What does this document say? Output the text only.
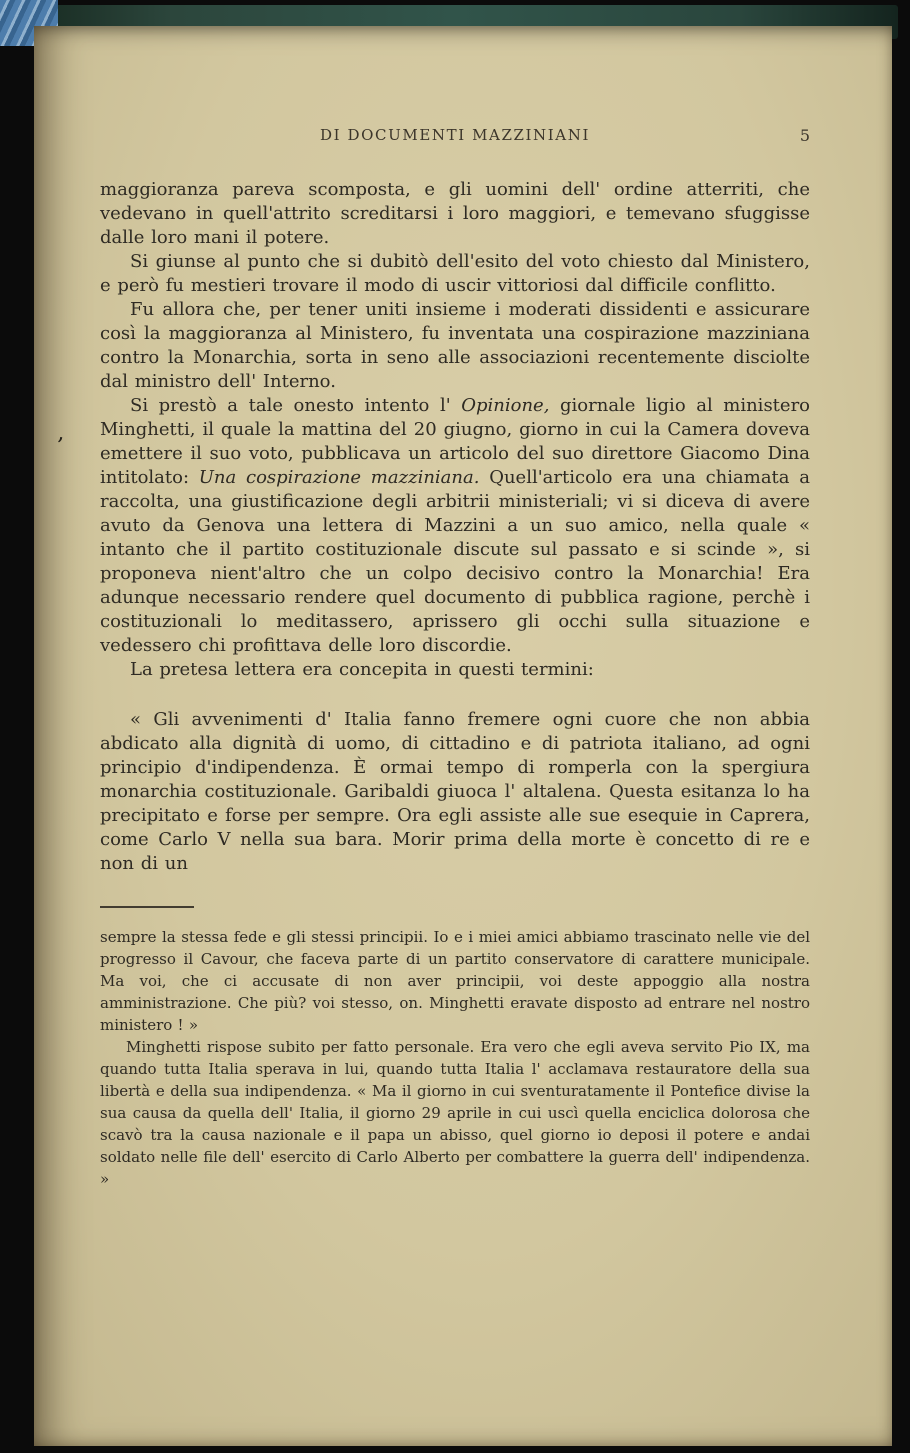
’
DI DOCUMENTI MAZZINIANI	5

maggioranza pareva scomposta, e gli uomini dell' ordine atterriti, che vedevano in quell'attrito screditarsi i loro maggiori, e temevano sfuggisse dalle loro mani il potere.

Si giunse al punto che si dubitò dell'esito del voto chiesto dal Ministero, e però fu mestieri trovare il modo di uscir vittoriosi dal difficile conflitto.

Fu allora che, per tener uniti insieme i moderati dissidenti e assicurare così la maggioranza al Ministero, fu inventata una cospirazione mazziniana contro la Monarchia, sorta in seno alle associazioni recentemente disciolte dal ministro dell' Interno.

Si prestò a tale onesto intento l' Opinione, giornale ligio al ministero Minghetti, il quale la mattina del 20 giugno, giorno in cui la Camera doveva emettere il suo voto, pubblicava un articolo del suo direttore Giacomo Dina intitolato: Una cospirazione mazziniana. Quell'articolo era una chiamata a raccolta, una giustificazione degli arbitrii ministeriali; vi si diceva di avere avuto da Genova una lettera di Mazzini a un suo amico, nella quale « intanto che il partito costituzionale discute sul passato e si scinde », si proponeva nient'altro che un colpo decisivo contro la Monarchia! Era adunque necessario rendere quel documento di pubblica ragione, perchè i costituzionali lo meditassero, aprissero gli occhi sulla situazione e vedessero chi profittava delle loro discordie.

La pretesa lettera era concepita in questi termini:

« Gli avvenimenti d' Italia fanno fremere ogni cuore che non abbia abdicato alla dignità di uomo, di cittadino e di patriota italiano, ad ogni principio d'indipendenza. È ormai tempo di romperla con la spergiura monarchia costituzionale. Garibaldi giuoca l' altalena. Questa esitanza lo ha precipitato e forse per sempre. Ora egli assiste alle sue esequie in Caprera, come Carlo V nella sua bara. Morir prima della morte è concetto di re e non di un

sempre la stessa fede e gli stessi principii. Io e i miei amici abbiamo trascinato nelle vie del progresso il Cavour, che faceva parte di un partito conservatore di carattere municipale. Ma voi, che ci accusate di non aver principii, voi deste appoggio alla nostra amministrazione. Che più? voi stesso, on. Minghetti eravate disposto ad entrare nel nostro ministero ! »

Minghetti rispose subito per fatto personale. Era vero che egli aveva servito Pio IX, ma quando tutta Italia sperava in lui, quando tutta Italia l' acclamava restauratore della sua libertà e della sua indipendenza. « Ma il giorno in cui sventuratamente il Pontefice divise la sua causa da quella dell' Italia, il giorno 29 aprile in cui uscì quella enciclica dolorosa che scavò tra la causa nazionale e il papa un abisso, quel giorno io deposi il potere e andai soldato nelle file dell' esercito di Carlo Alberto per combattere la guerra dell' indipendenza. »
